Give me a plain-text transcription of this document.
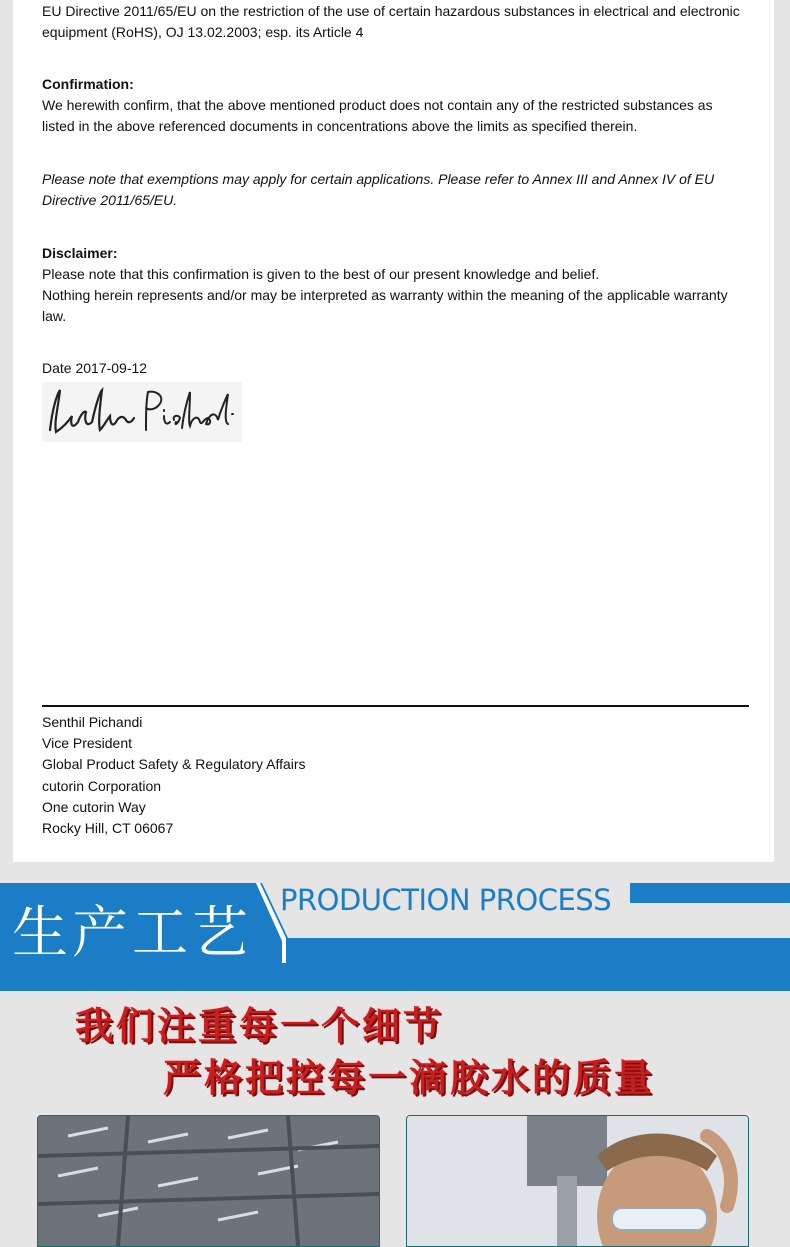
EU Directive 2011/65/EU on the restriction of the use of certain hazardous substances in electrical and electronic equipment (RoHS), OJ 13.02.2003; esp. its Article 4

Confirmation:

We herewith confirm, that the above mentioned product does not contain any of the restricted substances as listed in the above referenced documents in concentrations above the limits as specified therein.

Please note that exemptions may apply for certain applications. Please refer to Annex III and Annex IV of EU Directive 2011/65/EU.

Disclaimer:

Please note that this confirmation is given to the best of our present knowledge and belief.

Nothing herein represents and/or may be interpreted as warranty within the meaning of the applicable warranty law.

Date 2017-09-12

Senthil Pichandi

Vice President

Global Product Safety & Regulatory Affairs

cutorin Corporation

One cutorin Way

Rocky Hill, CT 06067

生产工艺
PRODUCTION PROCESS
我们注重每一个细节
严格把控每一滴胶水的质量
